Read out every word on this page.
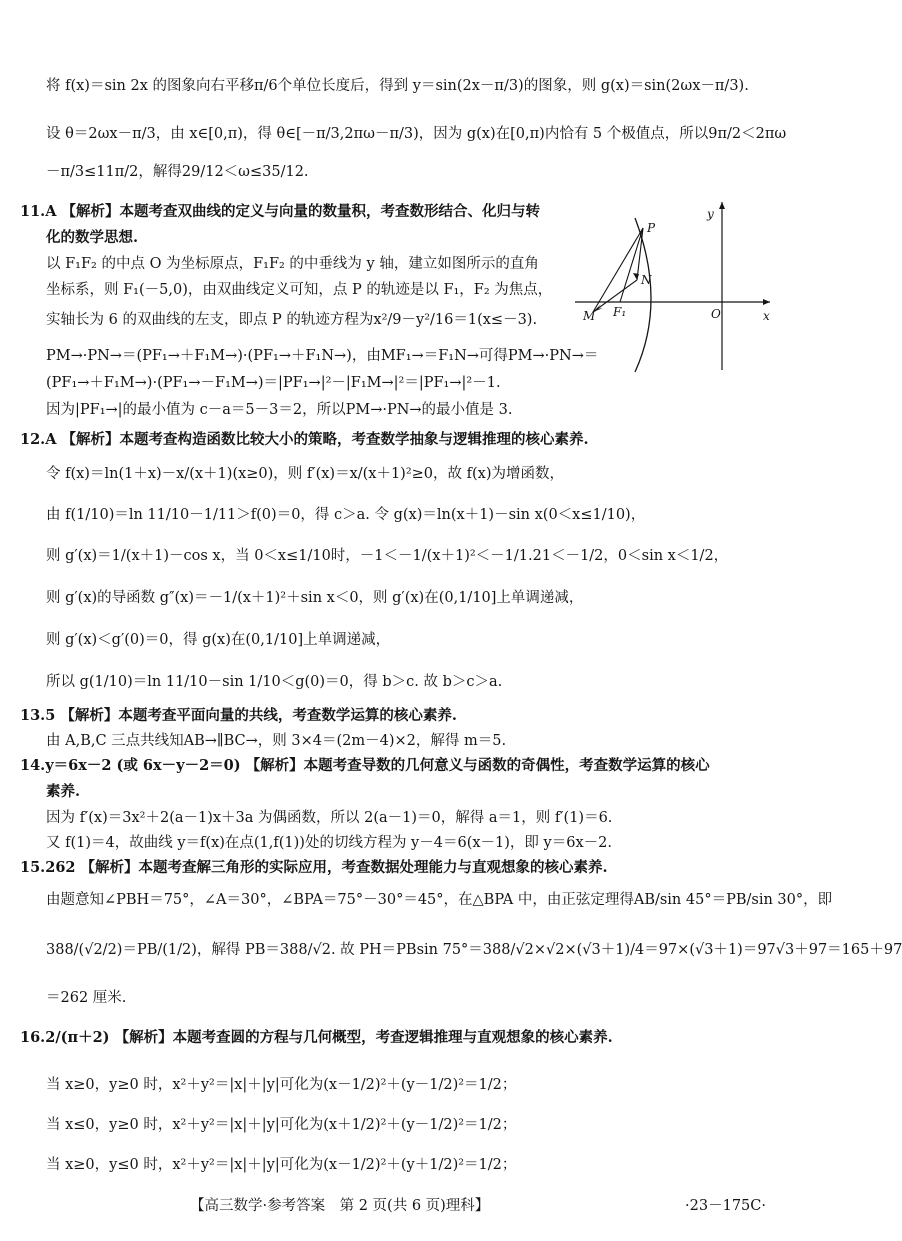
将 f(x)＝sin 2x 的图象向右平移π/6个单位长度后，得到 y＝sin(2x－π/3)的图象，则 g(x)＝sin(2ωx－π/3).
设 θ＝2ωx－π/3，由 x∈[0,π)，得 θ∈[－π/3,2πω－π/3)，因为 g(x)在[0,π)内恰有 5 个极值点，所以9π/2＜2πω
－π/3≤11π/2，解得29/12＜ω≤35/12.
11.A 【解析】本题考查双曲线的定义与向量的数量积，考查数形结合、化归与转
化的数学思想.
以 F₁F₂ 的中点 O 为坐标原点，F₁F₂ 的中垂线为 y 轴，建立如图所示的直角
坐标系，则 F₁(－5,0)，由双曲线定义可知，点 P 的轨迹是以 F₁，F₂ 为焦点，
实轴长为 6 的双曲线的左支，即点 P 的轨迹方程为x²/9－y²/16＝1(x≤－3).
PM→·PN→＝(PF₁→＋F₁M→)·(PF₁→＋F₁N→)，由MF₁→＝F₁N→可得PM→·PN→＝
(PF₁→＋F₁M→)·(PF₁→－F₁M→)＝|PF₁→|²－|F₁M→|²＝|PF₁→|²－1.
因为|PF₁→|的最小值为 c－a＝5－3＝2，所以PM→·PN→的最小值是 3.
y
x
O
P
N
M F₁
12.A 【解析】本题考查构造函数比较大小的策略，考查数学抽象与逻辑推理的核心素养.
令 f(x)＝ln(1＋x)－x/(x＋1)(x≥0)，则 f′(x)＝x/(x＋1)²≥0，故 f(x)为增函数，
由 f(1/10)＝ln 11/10－1/11＞f(0)＝0，得 c＞a. 令 g(x)＝ln(x＋1)－sin x(0＜x≤1/10)，
则 g′(x)＝1/(x＋1)－cos x，当 0＜x≤1/10时，－1＜－1/(x＋1)²＜－1/1.21＜－1/2，0＜sin x＜1/2，
则 g′(x)的导函数 g″(x)＝－1/(x＋1)²＋sin x＜0，则 g′(x)在(0,1/10]上单调递减，
则 g′(x)＜g′(0)＝0，得 g(x)在(0,1/10]上单调递减，
所以 g(1/10)＝ln 11/10－sin 1/10＜g(0)＝0，得 b＞c. 故 b＞c＞a.
13.5 【解析】本题考查平面向量的共线，考查数学运算的核心素养.
由 A,B,C 三点共线知AB→∥BC→，则 3×4＝(2m－4)×2，解得 m＝5.
14.y＝6x－2 (或 6x－y－2＝0) 【解析】本题考查导数的几何意义与函数的奇偶性，考查数学运算的核心
素养.
因为 f′(x)＝3x²＋2(a－1)x＋3a 为偶函数，所以 2(a－1)＝0，解得 a＝1，则 f′(1)＝6.
又 f(1)＝4，故曲线 y＝f(x)在点(1,f(1))处的切线方程为 y－4＝6(x－1)，即 y＝6x－2.
15.262 【解析】本题考查解三角形的实际应用，考查数据处理能力与直观想象的核心素养.
由题意知∠PBH＝75°，∠A＝30°，∠BPA＝75°－30°＝45°，在△BPA 中，由正弦定理得AB/sin 45°＝PB/sin 30°，即
388/(√2/2)＝PB/(1/2)，解得 PB＝388/√2. 故 PH＝PBsin 75°＝388/√2×√2×(√3＋1)/4＝97×(√3＋1)＝97√3＋97＝165＋97
＝262 厘米.
16.2/(π＋2) 【解析】本题考查圆的方程与几何概型，考查逻辑推理与直观想象的核心素养.
当 x≥0，y≥0 时，x²＋y²＝|x|＋|y|可化为(x－1/2)²＋(y－1/2)²＝1/2；
当 x≤0，y≥0 时，x²＋y²＝|x|＋|y|可化为(x＋1/2)²＋(y－1/2)²＝1/2；
当 x≥0，y≤0 时，x²＋y²＝|x|＋|y|可化为(x－1/2)²＋(y＋1/2)²＝1/2；
【高三数学·参考答案　第 2 页(共 6 页)理科】	·23－175C·
